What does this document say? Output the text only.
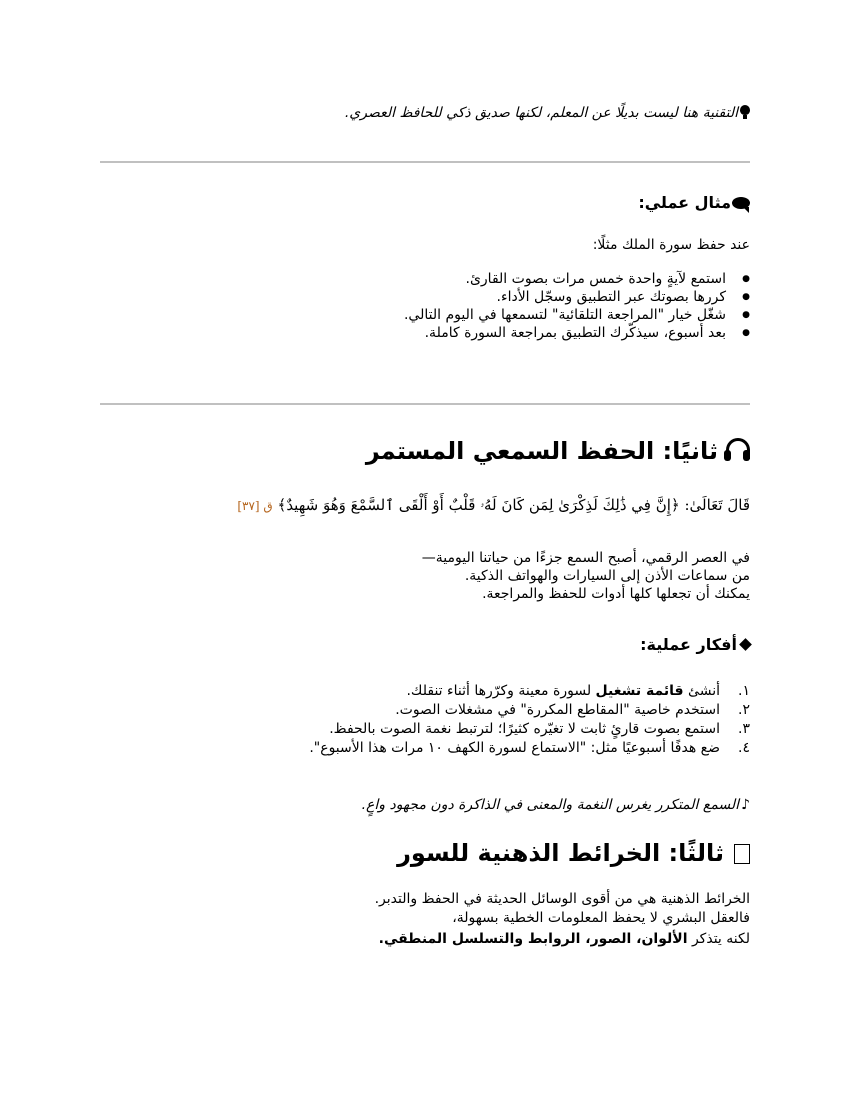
التقنية هنا ليست بديلًا عن المعلم، لكنها صديق ذكي للحافظ العصري.
مثال عملي:
عند حفظ سورة الملك مثلًا:
● استمع لآيةٍ واحدة خمس مرات بصوت القارئ.
● كررها بصوتك عبر التطبيق وسجّل الأداء.
● شغّل خيار "المراجعة التلقائية" لتسمعها في اليوم التالي.
● بعد أسبوع، سيذكّرك التطبيق بمراجعة السورة كاملة.
ثانيًا: الحفظ السمعي المستمر
قَالَ تَعَالَىٰ: ﴿إِنَّ فِي ذَٰلِكَ لَذِكْرَىٰ لِمَن كَانَ لَهُۥ قَلْبٌ أَوْ أَلْقَى ٱلسَّمْعَ وَهُوَ شَهِيدٌ﴾ ق [٣٧]
في العصر الرقمي، أصبح السمع جزءًا من حياتنا اليومية—
من سماعات الأذن إلى السيارات والهواتف الذكية.
يمكنك أن تجعلها كلها أدوات للحفظ والمراجعة.
أفكار عملية:
١.
أنشئ قائمة تشغيل لسورة معينة وكرّرها أثناء تنقلك.
٢.
استخدم خاصية "المقاطع المكررة" في مشغلات الصوت.
٣.
استمع بصوت قارئٍ ثابت لا تغيّره كثيرًا؛ لترتبط نغمة الصوت بالحفظ.
٤.
ضع هدفًا أسبوعيًا مثل: "الاستماع لسورة الكهف ١٠ مرات هذا الأسبوع".
♪السمع المتكرر يغرس النغمة والمعنى في الذاكرة دون مجهود واعٍ.
ثالثًا: الخرائط الذهنية للسور
الخرائط الذهنية هي من أقوى الوسائل الحديثة في الحفظ والتدبر.
فالعقل البشري لا يحفظ المعلومات الخطية بسهولة،
لكنه يتذكر الألوان، الصور، الروابط والتسلسل المنطقي.
